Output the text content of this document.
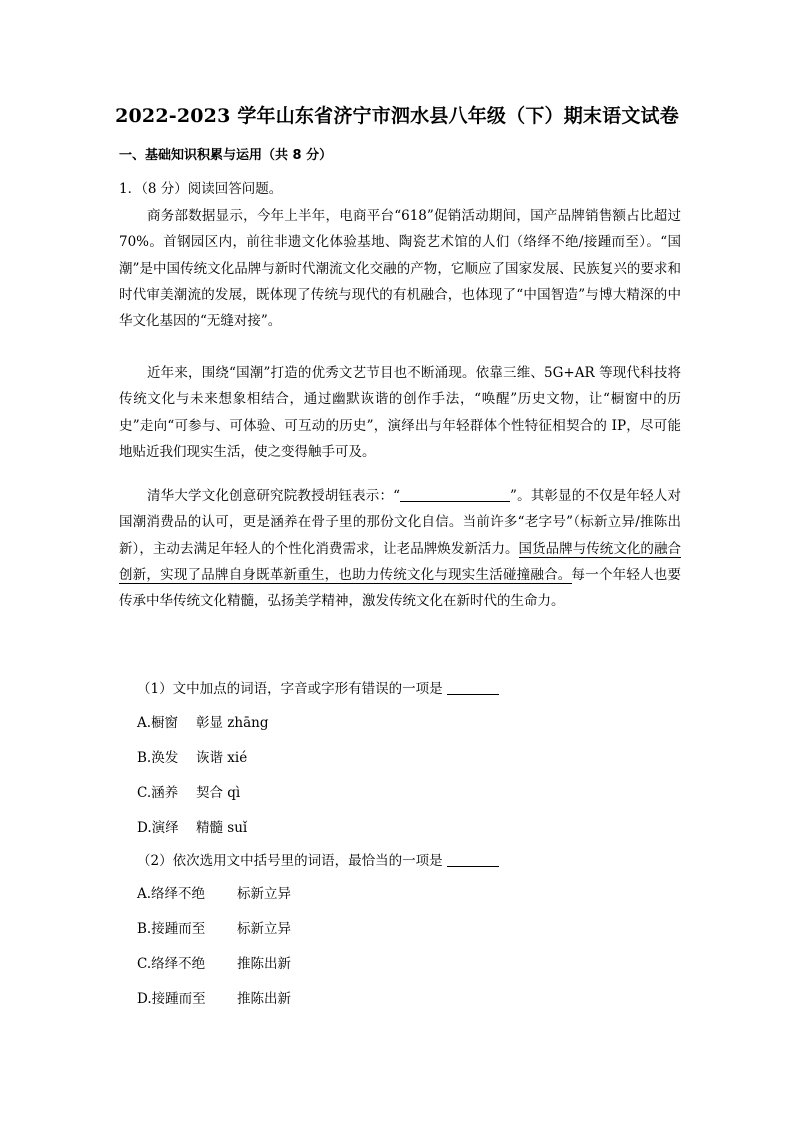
2022-2023 学年山东省济宁市泗水县八年级（下）期末语文试卷
一、基础知识积累与运用（共 8 分）
1．（8 分）阅读回答问题。
商务部数据显示，今年上半年，电商平台“618”促销活动期间，国产品牌销售额占比超过 70%。首钢园区内，前往非遗文化体验基地、陶瓷艺术馆的人们（络绎不绝/接踵而至）。“国潮”是中国传统文化品牌与新时代潮流文化交融的产物，它顺应了国家发展、民族复兴的要求和时代审美潮流的发展，既体现了传统与现代的有机融合，也体现了“中国智造”与博大精深的中华文化基因的“无缝对接”。
近年来，围绕“国潮”打造的优秀文艺节目也不断涌现。依靠三维、5G+AR 等现代科技将传统文化与未来想象相结合，通过幽默诙谐的创作手法，“唤醒”历史文物，让“橱窗中的历史”走向“可参与、可体验、可互动的历史”，演绎出与年轻群体个性特征相契合的 IP，尽可能地贴近我们现实生活，使之变得触手可及。
清华大学文化创意研究院教授胡钰表示：“	”。其彰显的不仅是年轻人对国潮消费品的认可，更是涵养在骨子里的那份文化自信。当前许多“老字号”（标新立异/推陈出新），主动去满足年轻人的个性化消费需求，让老品牌焕发新活力。国货品牌与传统文化的融合创新，实现了品牌自身既革新重生，也助力传统文化与现实生活碰撞融合。每一个年轻人也要传承中华传统文化精髓，弘扬美学精神，激发传统文化在新时代的生命力。
（1）文中加点的词语，字音或字形有错误的一项是
A.橱窗 彰显 zhāng
B.涣发 诙谐 xié
C.涵养 契合 qì
D.演绎 精髓 suǐ
（2）依次选用文中括号里的词语，最恰当的一项是
A.络绎不绝 标新立异
B.接踵而至 标新立异
C.络绎不绝 推陈出新
D.接踵而至 推陈出新
